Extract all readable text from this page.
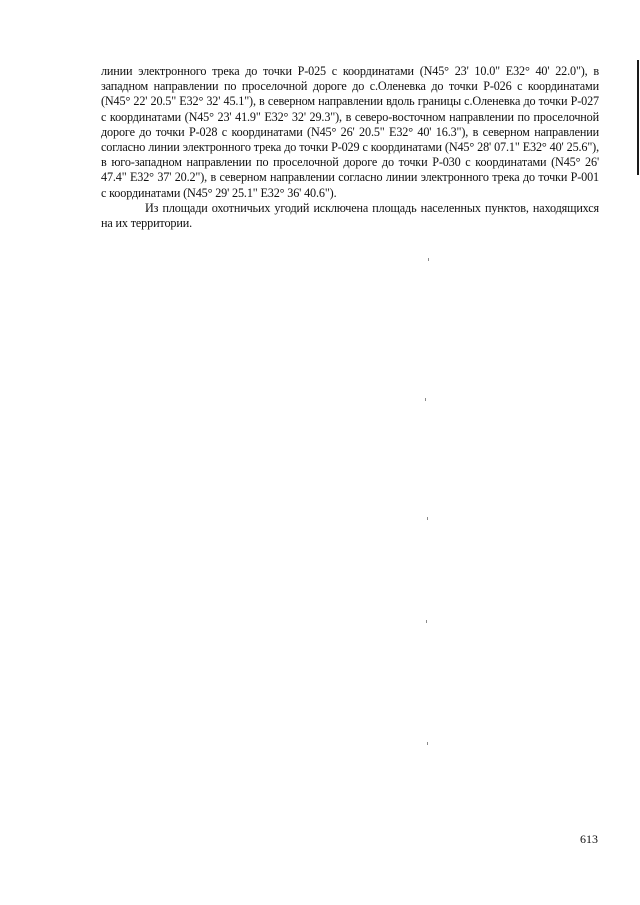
линии электронного трека до точки Р-025 с координатами (N45° 23' 10.0" E32° 40' 22.0"), в западном направлении по проселочной дороге до с.Оленевка до точки Р-026 с координатами (N45° 22' 20.5" E32° 32' 45.1"), в северном направлении вдоль границы с.Оленевка до точки Р-027 с координатами (N45° 23' 41.9" E32° 32' 29.3"), в северо-восточном направлении по проселочной дороге до точки Р-028 с координатами (N45° 26' 20.5" E32° 40' 16.3"), в северном направлении согласно линии электронного трека до точки Р-029 с координатами (N45° 28' 07.1" E32° 40' 25.6"), в юго-западном направлении по проселочной дороге до точки Р-030 с координатами (N45° 26' 47.4" E32° 37' 20.2"), в северном направлении согласно линии электронного трека до точки Р-001 с координатами (N45° 29' 25.1" E32° 36' 40.6").

Из площади охотничьих угодий исключена площадь населенных пунктов, находящихся на их территории.

613
